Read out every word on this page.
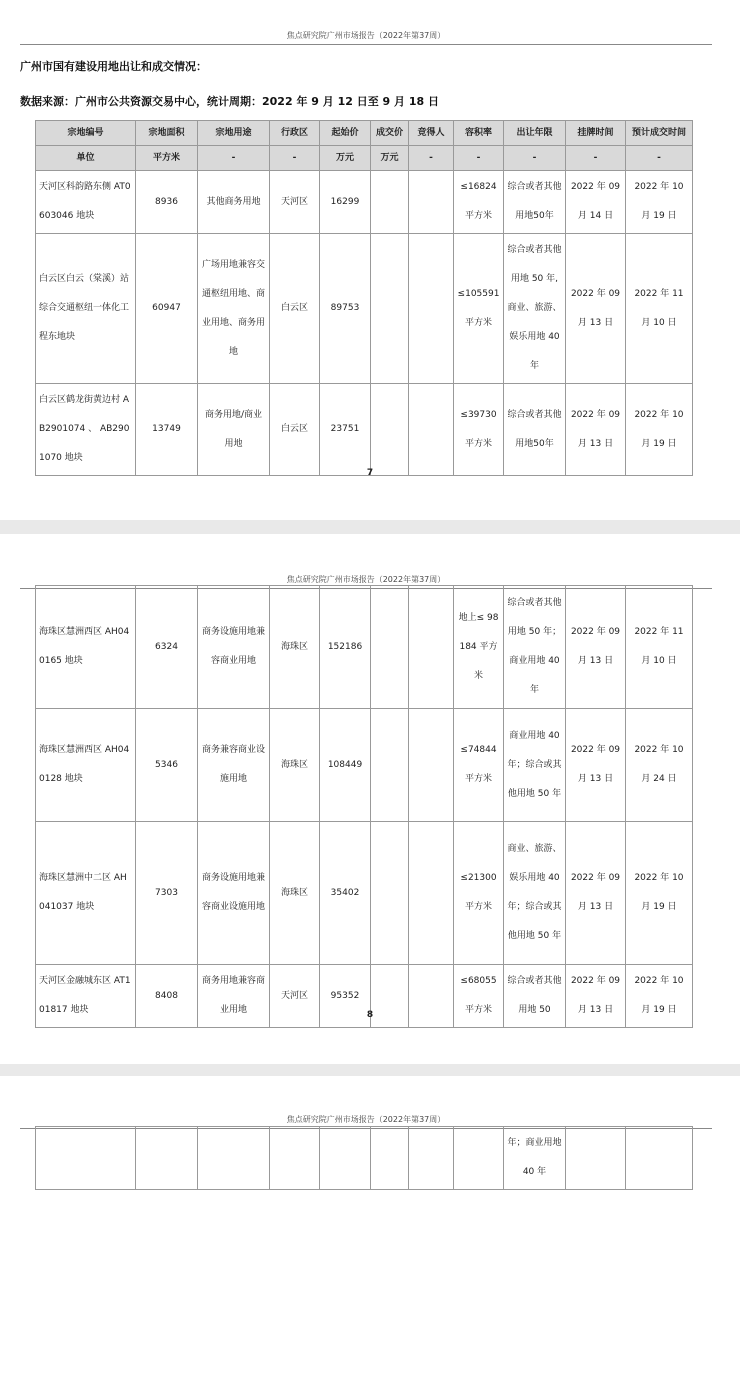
焦点研究院广州市场报告（2022年第37周）
广州市国有建设用地出让和成交情况：
数据来源：广州市公共资源交易中心，统计周期：2022 年 9 月 12 日至 9 月 18 日
宗地编号	宗地面积	宗地用途	行政区	起始价	成交价	竞得人	容积率	出让年限	挂牌时间	预计成交时间
单位	平方米	-	-	万元	万元	-	-	-	-	-
天河区科韵路东侧 AT0603046 地块	8936	其他商务用地	天河区	16299			≤16824 平方米	综合或者其他用地50年	2022 年 09 月 14 日	2022 年 10 月 19 日
白云区白云（棠溪）站综合交通枢纽一体化工程东地块	60947	广场用地兼容交通枢纽用地、商业用地、商务用地	白云区	89753			≤105591 平方米	综合或者其他用地 50 年,商业、旅游、娱乐用地 40 年	2022 年 09 月 13 日	2022 年 11 月 10 日
白云区鹤龙街黄边村 AB2901074 、 AB2901070 地块	13749	商务用地/商业用地	白云区	23751			≤39730 平方米	综合或者其他用地50年	2022 年 09 月 13 日	2022 年 10 月 19 日
7
焦点研究院广州市场报告（2022年第37周）
海珠区慧洲西区 AH040165 地块	6324	商务设施用地兼容商业用地	海珠区	152186			地上≤ 98184 平方米	综合或者其他用地 50 年；商业用地 40 年	2022 年 09 月 13 日	2022 年 11 月 10 日
海珠区慧洲西区 AH040128 地块	5346	商务兼容商业设施用地	海珠区	108449			≤74844 平方米	商业用地 40 年；综合或其他用地 50 年	2022 年 09 月 13 日	2022 年 10 月 24 日
海珠区慧洲中二区 AH041037 地块	7303	商务设施用地兼容商业设施用地	海珠区	35402			≤21300 平方米	商业、旅游、娱乐用地 40 年；综合或其他用地 50 年	2022 年 09 月 13 日	2022 年 10 月 19 日
天河区金融城东区 AT101817 地块	8408	商务用地兼容商业用地	天河区	95352			≤68055 平方米	综合或者其他用地 50	2022 年 09 月 13 日	2022 年 10 月 19 日
8
焦点研究院广州市场报告（2022年第37周）
								年；商业用地 40 年		
